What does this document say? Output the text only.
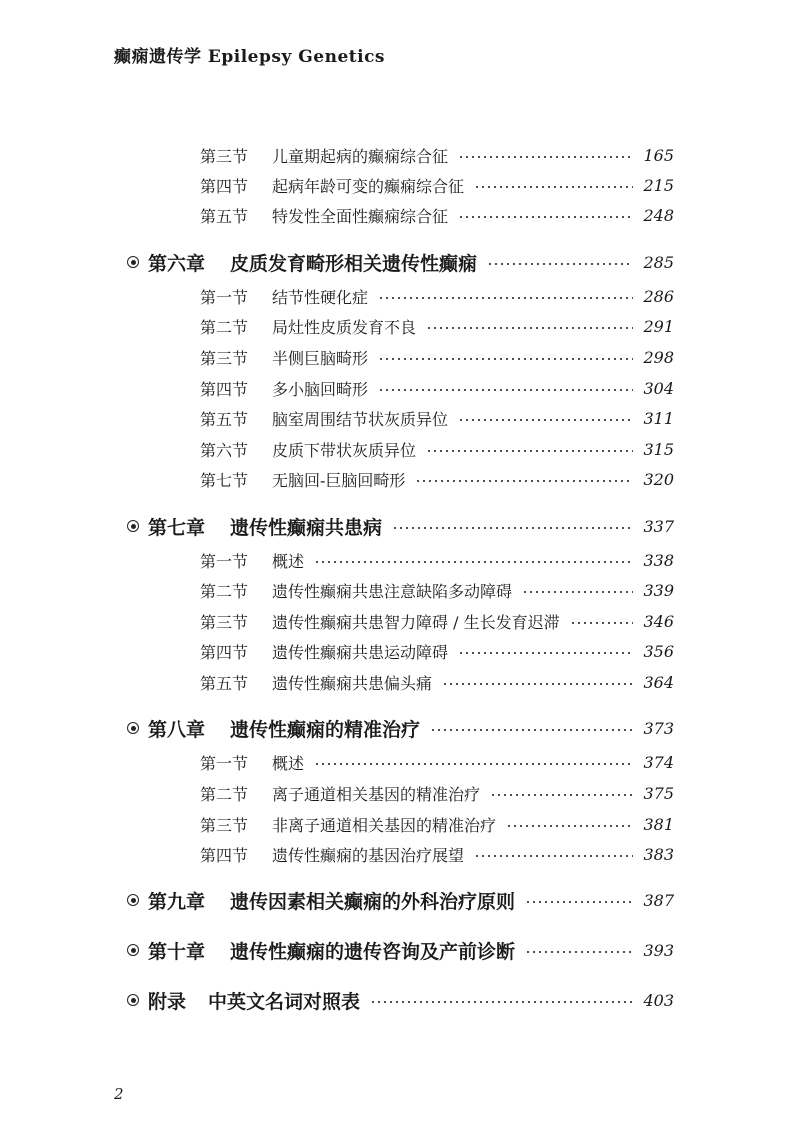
癫痫遗传学 Epilepsy Genetics
第三节 儿童期起病的癫痫综合征	165
第四节 起病年龄可变的癫痫综合征	215
第五节 特发性全面性癫痫综合征	248
第六章 皮质发育畸形相关遗传性癫痫	285
第一节 结节性硬化症	286
第二节 局灶性皮质发育不良	291
第三节 半侧巨脑畸形	298
第四节 多小脑回畸形	304
第五节 脑室周围结节状灰质异位	311
第六节 皮质下带状灰质异位	315
第七节 无脑回-巨脑回畸形	320
第七章 遗传性癫痫共患病	337
第一节 概述	338
第二节 遗传性癫痫共患注意缺陷多动障碍	339
第三节 遗传性癫痫共患智力障碍 / 生长发育迟滞	346
第四节 遗传性癫痫共患运动障碍	356
第五节 遗传性癫痫共患偏头痛	364
第八章 遗传性癫痫的精准治疗	373
第一节 概述	374
第二节 离子通道相关基因的精准治疗	375
第三节 非离子通道相关基因的精准治疗	381
第四节 遗传性癫痫的基因治疗展望	383
第九章 遗传因素相关癫痫的外科治疗原则	387
第十章 遗传性癫痫的遗传咨询及产前诊断	393
附录 中英文名词对照表	403
2
